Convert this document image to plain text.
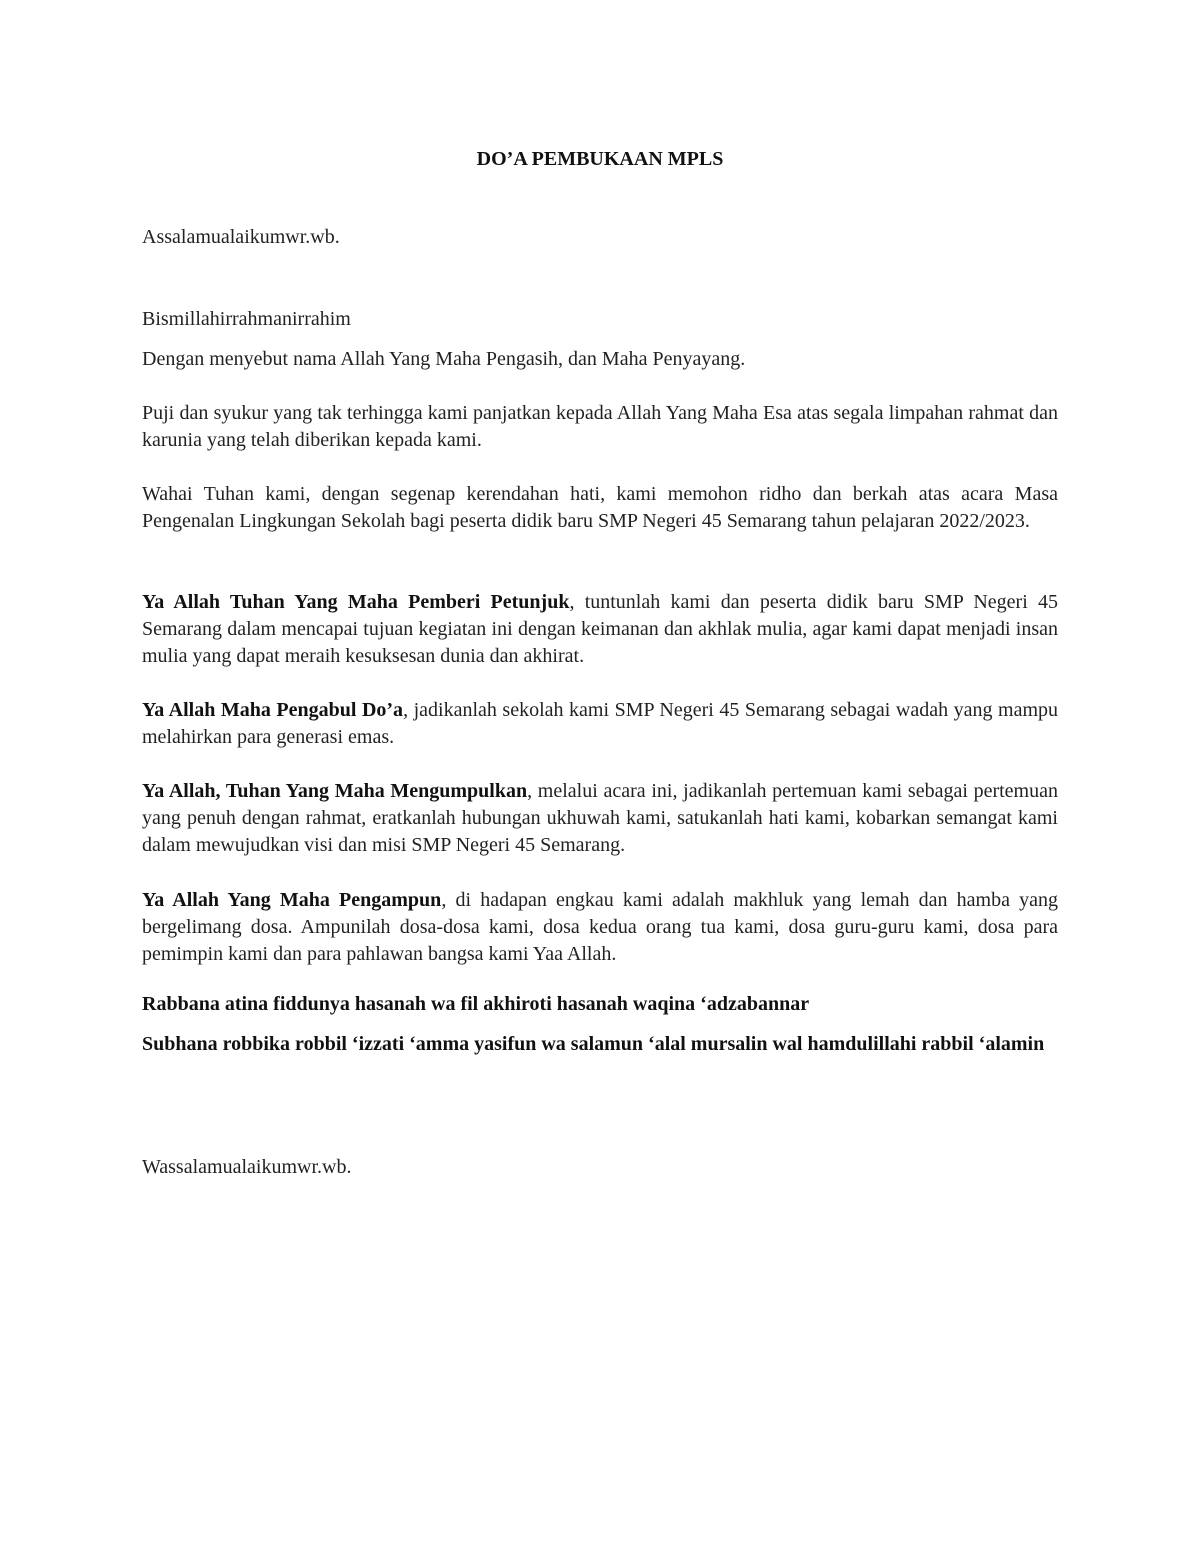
DO’A PEMBUKAAN MPLS

Assalamualaikumwr.wb.

Bismillahirrahmanirrahim

Dengan menyebut nama Allah Yang Maha Pengasih, dan Maha Penyayang.

Puji dan syukur yang tak terhingga kami panjatkan kepada Allah Yang Maha Esa atas segala limpahan rahmat dan karunia yang telah diberikan kepada kami.

Wahai Tuhan kami, dengan segenap kerendahan hati, kami memohon ridho dan berkah atas acara Masa Pengenalan Lingkungan Sekolah bagi peserta didik baru SMP Negeri 45 Semarang tahun pelajaran 2022/2023.

Ya Allah Tuhan Yang Maha Pemberi Petunjuk, tuntunlah kami dan peserta didik baru SMP Negeri 45 Semarang dalam mencapai tujuan kegiatan ini dengan keimanan dan akhlak mulia, agar kami dapat menjadi insan mulia yang dapat meraih kesuksesan dunia dan akhirat.

Ya Allah Maha Pengabul Do’a, jadikanlah sekolah kami SMP Negeri 45 Semarang sebagai wadah yang mampu melahirkan para generasi emas.

Ya Allah, Tuhan Yang Maha Mengumpulkan, melalui acara ini, jadikanlah pertemuan kami sebagai pertemuan yang penuh dengan rahmat, eratkanlah hubungan ukhuwah kami, satukanlah hati kami, kobarkan semangat kami dalam mewujudkan visi dan misi SMP Negeri 45 Semarang.

Ya Allah Yang Maha Pengampun, di hadapan engkau kami adalah makhluk yang lemah dan hamba yang bergelimang dosa. Ampunilah dosa-dosa kami, dosa kedua orang tua kami, dosa guru-guru kami, dosa para pemimpin kami dan para pahlawan bangsa kami Yaa Allah.

Rabbana atina fiddunya hasanah wa fil akhiroti hasanah waqina ‘adzabannar

Subhana robbika robbil ‘izzati ‘amma yasifun wa salamun ‘alal mursalin wal hamdulillahi rabbil ‘alamin

Wassalamualaikumwr.wb.
